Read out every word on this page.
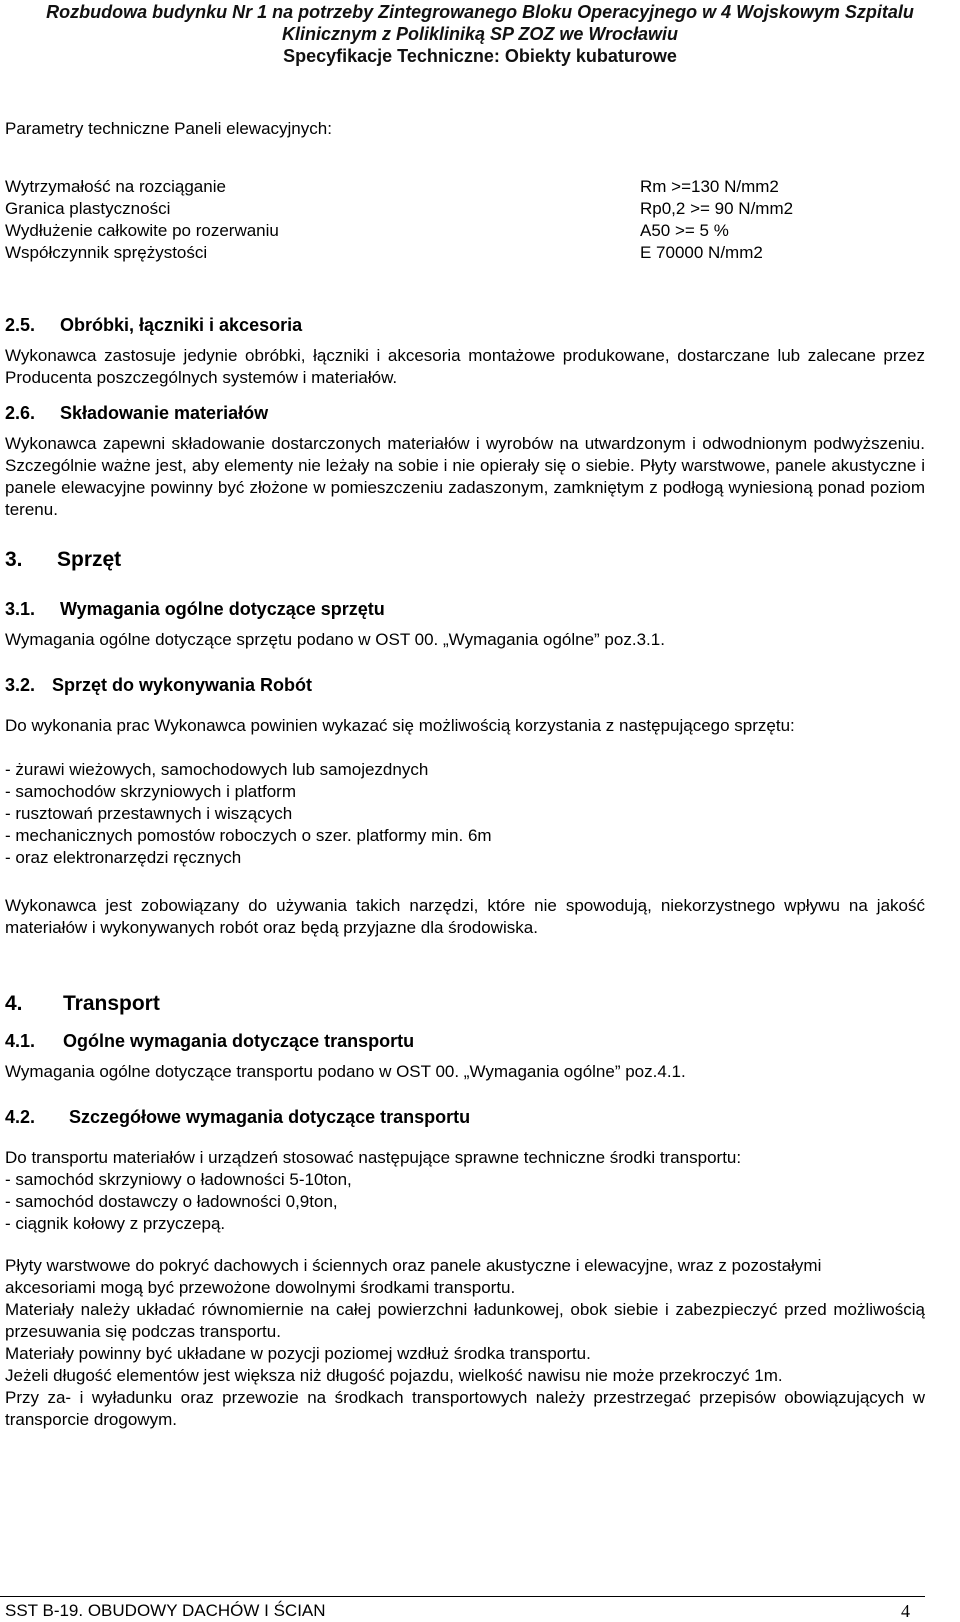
Rozbudowa budynku Nr 1 na potrzeby Zintegrowanego Bloku Operacyjnego w 4 Wojskowym Szpitalu
Klinicznym z Polikliniką SP ZOZ we Wrocławiu
Specyfikacje Techniczne: Obiekty kubaturowe

Parametry techniczne Paneli elewacyjnych:

Wytrzymałość na rozciąganie	Rm >=130 N/mm2
Granica plastyczności	Rp0,2 >= 90 N/mm2
Wydłużenie całkowite po rozerwaniu	A50 >= 5 %
Współczynnik sprężystości	E 70000 N/mm2
2.5. Obróbki, łączniki i akcesoria

Wykonawca zastosuje jedynie obróbki, łączniki i akcesoria montażowe produkowane, dostarczane lub zalecane przez Producenta poszczególnych systemów i materiałów.

2.6. Składowanie materiałów

Wykonawca zapewni składowanie dostarczonych materiałów i wyrobów na utwardzonym i odwodnionym podwyższeniu. Szczególnie ważne jest, aby elementy nie leżały na sobie i nie opierały się o siebie. Płyty warstwowe, panele akustyczne i panele elewacyjne powinny być złożone w pomieszczeniu zadaszonym, zamkniętym z podłogą wyniesioną ponad poziom terenu.

3. Sprzęt
3.1. Wymagania ogólne dotyczące sprzętu

Wymagania ogólne dotyczące sprzętu podano w OST 00. „Wymagania ogólne” poz.3.1.

3.2. Sprzęt do wykonywania Robót

Do wykonania prac Wykonawca powinien wykazać się możliwością korzystania z następującego sprzętu:

- żurawi wieżowych, samochodowych lub samojezdnych
- samochodów skrzyniowych i platform
- rusztowań przestawnych i wiszących
- mechanicznych pomostów roboczych o szer. platformy min. 6m
- oraz elektronarzędzi ręcznych

Wykonawca jest zobowiązany do używania takich narzędzi, które nie spowodują, niekorzystnego wpływu na jakość materiałów i wykonywanych robót oraz będą przyjazne dla środowiska.

4. Transport
4.1. Ogólne wymagania dotyczące transportu

Wymagania ogólne dotyczące transportu podano w OST 00. „Wymagania ogólne” poz.4.1.

4.2. Szczegółowe wymagania dotyczące transportu

Do transportu materiałów i urządzeń stosować następujące sprawne techniczne środki transportu:

- samochód skrzyniowy o ładowności 5-10ton,
- samochód dostawczy o ładowności 0,9ton,
- ciągnik kołowy z przyczepą.

Płyty warstwowe do pokryć dachowych i ściennych oraz panele akustyczne i elewacyjne, wraz z pozostałymi akcesoriami mogą być przewożone dowolnymi środkami transportu.

Materiały należy układać równomiernie na całej powierzchni ładunkowej, obok siebie i zabezpieczyć przed możliwością przesuwania się podczas transportu.

Materiały powinny być układane w pozycji poziomej wzdłuż środka transportu.

Jeżeli długość elementów jest większa niż długość pojazdu, wielkość nawisu nie może przekroczyć 1m.

Przy za- i wyładunku oraz przewozie na środkach transportowych należy przestrzegać przepisów obowiązujących w transporcie drogowym.

SST B-19. OBUDOWY DACHÓW I ŚCIAN	4
